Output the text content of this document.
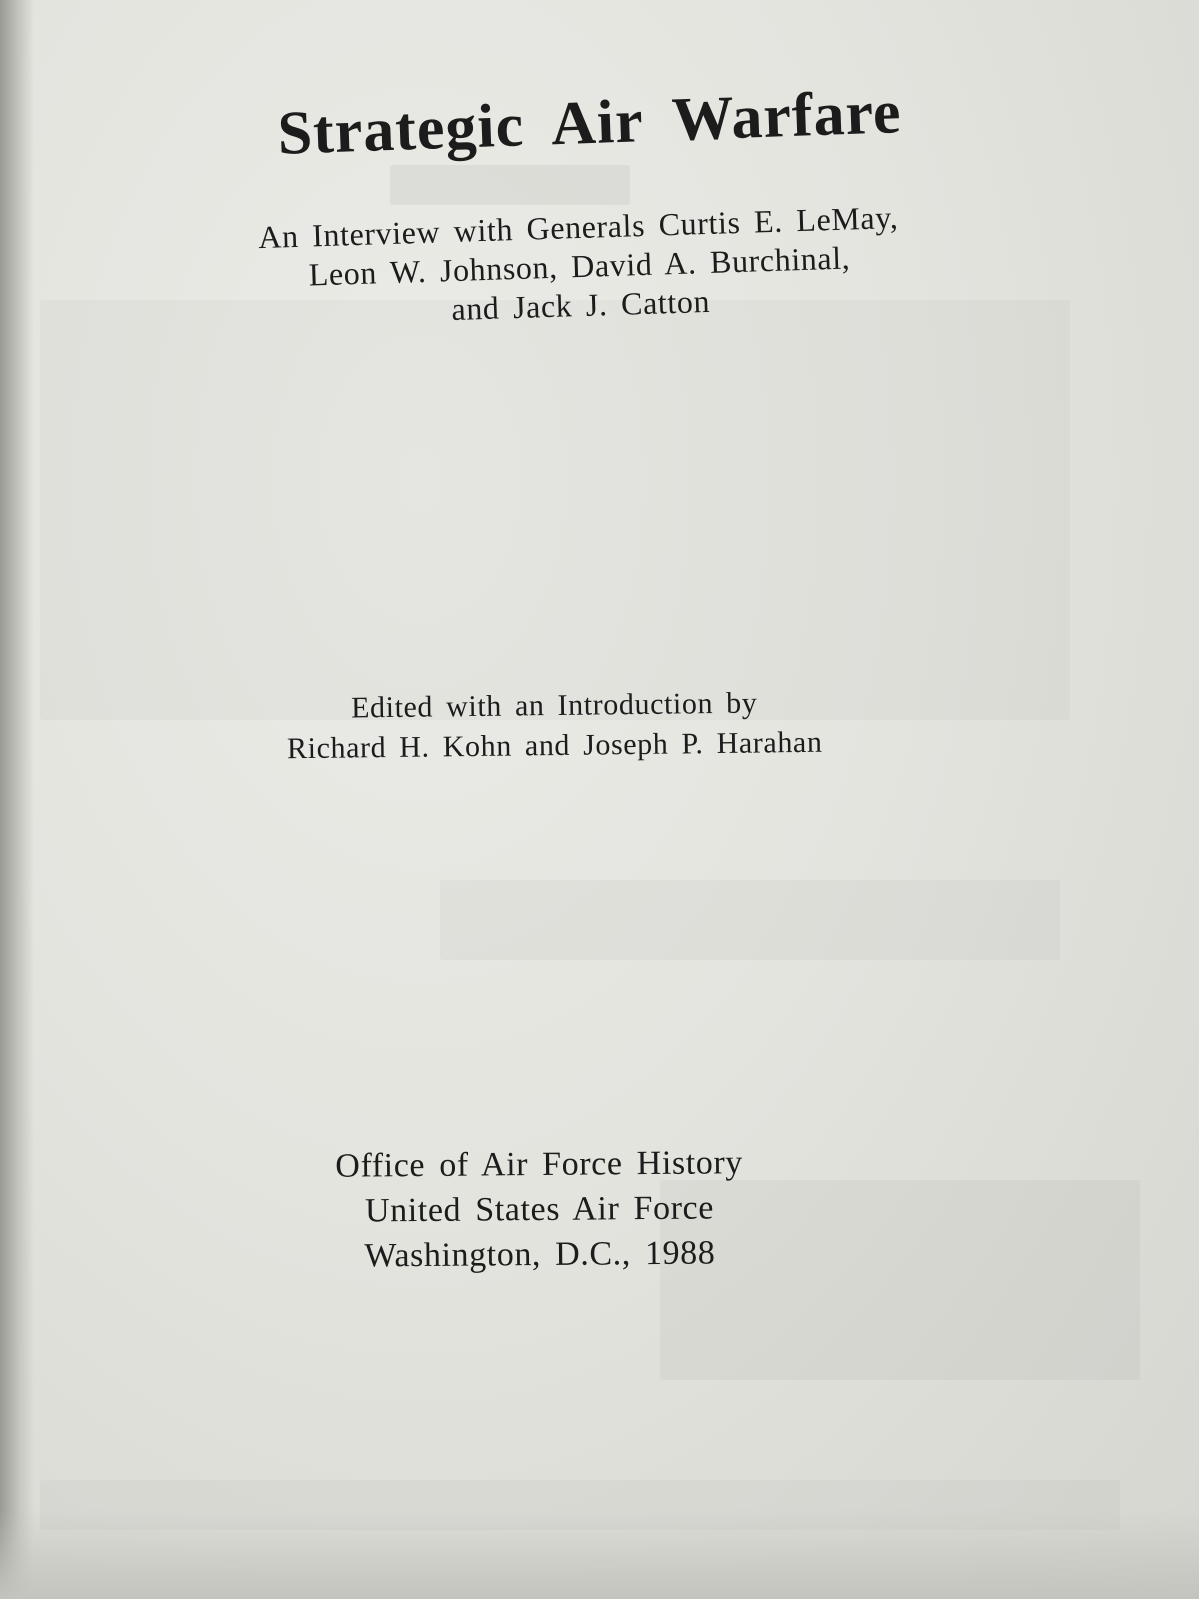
Strategic Air Warfare
An Interview with Generals Curtis E. LeMay,
Leon W. Johnson, David A. Burchinal,
and Jack J. Catton
Edited with an Introduction by
Richard H. Kohn and Joseph P. Harahan
Office of Air Force History
United States Air Force
Washington, D.C., 1988
